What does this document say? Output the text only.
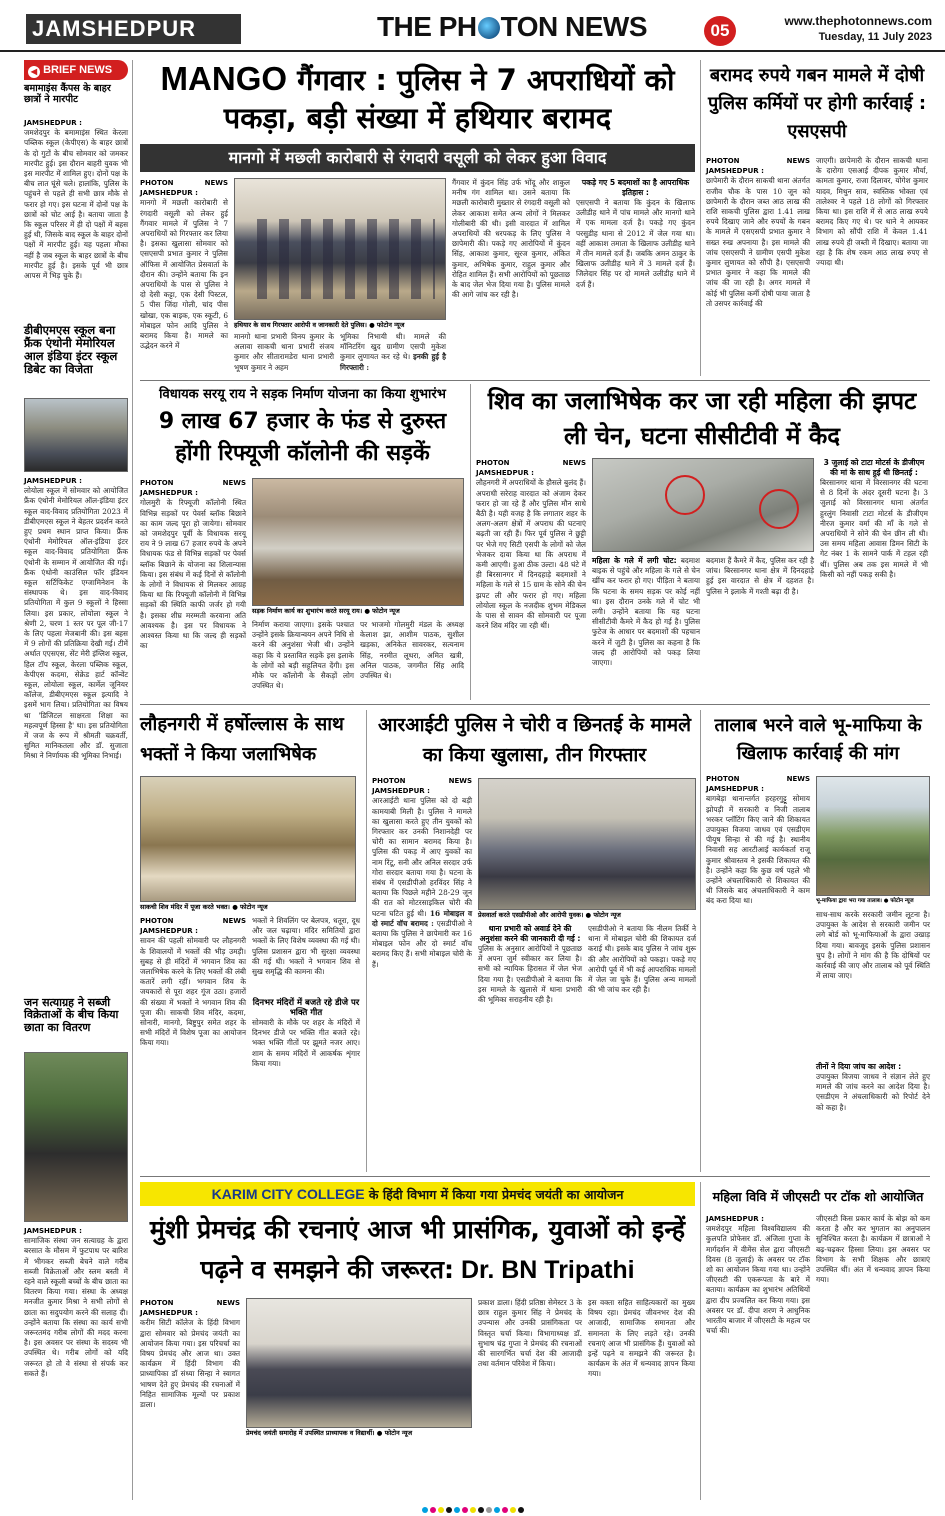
JAMSHEDPUR	THE PH TON NEWS	05	www.thephotonnews.com
Tuesday, 11 July 2023
◀ BRIEF NEWS
बमामाइंस कैंपस के बाहर छात्रों ने मारपीट
JAMSHEDPUR :
जमशेदपुर के बमामाइंस स्थित केरला पब्लिक स्कूल (केपीएस) के बाहर छात्रों के दो गुटों के बीच सोमवार को जमकर मारपीट हुई। इस दौरान बाहरी युवक भी इस मारपीट में शामिल हुए। दोनों पक्ष के बीच लात घूंसे चले। हालांकि, पुलिस के पहुंचने से पहले ही सभी छात्र मौके से फरार हो गए। इस घटना में दोनों पक्ष के छात्रों को चोट आई है। बताया जाता है कि स्कूल परिसर में ही दो पक्षों में बहस हुई थी, जिसके बाद स्कूल के बाहर दोनों पक्षों में मारपीट हुई। यह पहला मौका नहीं है जब स्कूल के बाहर छात्रों के बीच मारपीट हुई है। इसके पूर्व भी छात्र आपस में भिड़ चुके हैं।
डीबीएमएस स्कूल बना फ्रैंक एंथोनी मेमोरियल आल इंडिया इंटर स्कूल डिबेट का विजेता
JAMSHEDPUR :
लोयोला स्कूल में सोमवार को आयोजित फ्रैंक एंथोनी मेमोरियल ऑल-इंडिया इंटर स्कूल वाद-विवाद प्रतियोगिता 2023 में डीबीएमएस स्कूल ने बेहतर प्रदर्शन करते हुए प्रथम स्थान प्राप्त किया। फ्रैंक एंथोनी मेमोरियल ऑल-इंडिया इंटर स्कूल वाद-विवाद प्रतियोगिता फ्रैंक एंथोनी के सम्मान में आयोजित की गई। फ्रैंक एंथोनी काउंसिल फॉर इंडियन स्कूल सर्टिफिकेट एग्जामिनेशन के संस्थापक थे। इस वाद-विवाद प्रतियोगिता में कुल 9 स्कूलों ने हिस्सा लिया। इस प्रकार, लोयोला स्कूल ने श्रेणी 2, चरण 1 स्तर पर पूल जी-17 के लिए पहला मेजबानी की। इस बहस में 9 लोगों की प्रतिक्रिया देखी गई। टीमें अर्थात एएसएस, सेंट मेरी इंग्लिश स्कूल, हिल टॉप स्कूल, केरला पब्लिक स्कूल, केपीएस कदमा, सेक्रेड हार्ट कॉन्वेंट स्कूल, लोयोला स्कूल, कार्मेल जूनियर कॉलेज, डीबीएमएस स्कूल इत्यादि ने इसमें भाग लिया। प्रतियोगिता का विषय था 'डिजिटल साक्षरता शिक्षा का महत्वपूर्ण हिस्सा है' था। इस प्रतियोगिता में जज के रूप में श्रीमती चक्रवर्ती, सुमित मानिकतला और डॉ. सुजाता मिश्रा ने निर्णायक की भूमिका निभाई।
जन सत्याग्रह ने सब्जी विक्रेताओं के बीच किया छाता का वितरण
JAMSHEDPUR :
सामाजिक संस्था जन सत्याग्रह के द्वारा बरसात के मौसम में फुटपाथ पर बारिश में भीगकर सब्जी बेचने वाले गरीब सब्जी विक्रेताओं और स्लम बस्ती में रहने वाले स्कूली बच्चों के बीच छाता का वितरण किया गया। संस्था के अध्यक्ष मनजीत कुमार मिश्रा ने सभी लोगों से छाता का सदुपयोग करने की सलाह दी। उन्होंने बताया कि संस्था का कार्य सभी जरूरतमंद गरीब लोगों की मदद करना है। इस अवसर पर संस्था के सदस्य भी उपस्थित थे। गरीब लोगों को यदि जरूरत हो तो वे संस्था से संपर्क कर सकते हैं।
MANGO गैंगवार : पुलिस ने 7 अपराधियों को पकड़ा, बड़ी संख्या में हथियार बरामद
मानगो में मछली कारोबारी से रंगदारी वसूली को लेकर हुआ विवाद
PHOTON NEWS JAMSHEDPUR :
मानगो में मछली कारोबारी से रंगदारी वसूली को लेकर हुई गैंगवार मामले में पुलिस ने 7 अपराधियों को गिरफ्तार कर लिया है। इसका खुलासा सोमवार को एसएसपी प्रभात कुमार ने पुलिस ऑफिस में आयोजित प्रेसवार्ता के दौरान की। उन्होंने बताया कि इन अपराधियों के पास से पुलिस ने दो देसी कट्टा, एक देसी पिस्टल, 5 पीस जिंदा गोली, चांद पीस खोखा, एक बाइक, एक स्कूटी, 6 मोबाइल फोन आदि पुलिस ने बरामद किया है। मामले का उद्भेदन करने में
हथियार के साथ गिरफ्तार आरोपी व जानकारी देते पुलिस। ● फोटोन न्यूज
मानगो थाना प्रभारी विनय कुमार के अलावा साकची थाना प्रभारी संजय कुमार और सीतारामडेरा थाना प्रभारी भूषण कुमार ने अहम
भूमिका निभायी थी। मामले की मॉनिटरिंग खुद ग्रामीण एसपी मुकेश कुमार लुणायत कर रहे थे। इनकी हुई है गिरफ्तारी :
गैंगवार में कुंदन सिंह उर्फ भोंदू और शाकुल मनीष गंग शामिल था। उसने बताया कि मछली कारोबारी मुख्तार से रंगदारी वसूली को लेकर आकाश समेत अन्य लोगों ने मिलकर गोलीबारी की थी। इसी वारदात में शामिल अपराधियों की धरपकड़ के लिए पुलिस ने छापेमारी की। पकड़े गए आरोपियों में कुंदन सिंह, आकाश कुमार, सूरज कुमार, अंकित कुमार, अभिषेक कुमार, राहुल कुमार और रोहित शामिल हैं। सभी आरोपियों को पूछताछ के बाद जेल भेज दिया गया है। पुलिस मामले की आगे जांच कर रही है।
पकड़े गए 5 बदमाशों का है आपराधिक इतिहास :
एसएसपी ने बताया कि कुंदन के खिलाफ उलीडीह थाने में पांच मामले और मानगो थाने में एक मामला दर्ज है। पकड़े गए कुंदन परसुडीह थाना से 2012 में जेल गया था। वहीं आकाश तमाता के खिलाफ उलीडीह थाने में तीन मामले दर्ज हैं। जबकि अमन ठाकुर के खिलाफ उलीडीह थाने में 3 मामले दर्ज हैं। जिलेदार सिंह पर दो मामले उलीडीह थाने में दर्ज हैं।
बरामद रुपये गबन मामले में दोषी पुलिस कर्मियों पर होगी कार्रवाई : एसएसपी
PHOTON NEWS JAMSHEDPUR :
छापेमारी के दौरान साकची थाना अंतर्गत राजीव चौक के पास 10 जून को छापेमारी के दौरान जब्त आठ लाख की राशि साकची पुलिस द्वारा 1.41 लाख रुपये दिखाए जाने और रुपयों के गबन के मामले में एसएसपी प्रभात कुमार ने सख्त रुख अपनाया है। इस मामले की जांच एसएसपी ने ग्रामीण एसपी मुकेश कुमार लुणायत को सौंपी है। एसएसपी प्रभात कुमार ने कहा कि मामले की जांच की जा रही है। अगर मामले में कोई भी पुलिस कर्मी दोषी पाया जाता है तो उसपर कार्रवाई की
जाएगी। छापेमारी के दौरान साकची थाना के दारोगा एसआई दीपक कुमार मौर्या, कामता कुमार, राजा दिलावर, योगेश कुमार यादव, मिथुन साव, स्वस्तिक भोक्ता एवं तालेश्वर ने पहले 18 लोगों को गिरफ्तार किया था। इस राशि में से आठ लाख रुपये बरामद किए गए थे। पर थाने ने आयकर विभाग को सौंपी राशि में केवल 1.41 लाख रुपये ही जब्ती में दिखाए। बताया जा रहा है कि शेष रकम आठ लाख रुपए से ज्यादा थी।
विधायक सरयू राय ने सड़क निर्माण योजना का किया शुभारंभ
9 लाख 67 हजार के फंड से दुरुस्त होंगी रिफ्यूजी कॉलोनी की सड़कें
PHOTON NEWS JAMSHEDPUR :
गोलमुरी के रिफ्यूजी कॉलोनी स्थित विभिन्न सड़कों पर पेवर्स ब्लॉक बिछाने का काम जल्द पूरा हो जायेगा। सोमवार को जमशेदपुर पूर्वी के विधायक सरयू राय ने 9 लाख 67 हजार रुपये के अपने विधायक फंड से विभिन्न सड़कों पर पेवर्स ब्लॉक बिछाने के योजना का शिलान्यास किया। इस संबंध में कई दिनों से कॉलोनी के लोगों ने विधायक से मिलकर आग्रह किया था कि रिफ्यूजी कॉलोनी में विभिन्न सड़कों की स्थिति काफी जर्जर हो गयी है। इसका शीघ्र मरम्मती करवाना अति आवश्यक है। इस पर विधायक ने आश्वस्त किया था कि जल्द ही सड़कों का
सड़क निर्माण कार्य का शुभारंभ करते सरयू राय। ● फोटोन न्यूज
निर्माण कराया जाएगा। इसके पश्चात उन्होंने इसके क्रियान्वयन अपने निधि से करने की अनुशंसा भेजी थी। उन्होंने कहा कि ये प्रस्तावित सड़कें इस इलाके के लोगों को बड़ी सहूलियत देंगी। इस मौके पर कॉलोनी के सैकड़ों लोग उपस्थित थे।
पर भाजमो गोलमुरी मंडल के अध्यक्ष केलाश झा, आशीम पाठक, सुशील खड़का, अनिकेत सावरकर, सत्यनाम सिंह, नरमीत लूथरा, अमित खत्री, अनिल पाठक, जगमीत सिंह आदि उपस्थित थे।
शिव का जलाभिषेक कर जा रही महिला की झपट ली चेन, घटना सीसीटीवी में कैद
PHOTON NEWS JAMSHEDPUR :
लौहनगरी में अपराधियों के हौसले बुलंद हैं। अपराधी सरेराह वारदात को अंजाम देकर फरार हो जा रहे हैं और पुलिस मौन साधे बैठी है। यही वजह है कि लगातार शहर के अलग-अलग क्षेत्रों में अपराध की घटनाएं बढ़ती जा रही हैं। फिर पूर्व पुलिस ने छुट्टी पर भेजे गए सिटी एसपी के लोगों को जेल भेजकर दावा किया था कि अपराध में कमी आएगी। हुआ ठीक उल्टा। 48 घंटे में ही बिरसानगर में दिनदहाड़े बदमाशों ने महिला के गले से 15 ग्राम के सोने की चेन झपट ली और फरार हो गए। महिला लोयोला स्कूल के नजदीक शुभम मेडिकल के पास से सावन की सोमवारी पर पूजा करने शिव मंदिर जा रही थीं।
महिला के गले में लगी चोट: बदमाश बाइक से पहुंचे और महिला के गले से चेन खींच कर फरार हो गए। पीड़िता ने बताया कि घटना के समय सड़क पर कोई नहीं था। इस दौरान उनके गले में चोट भी लगी। उन्होंने बताया कि यह घटना सीसीटीवी कैमरे में कैद हो गई है। पुलिस फुटेज के आधार पर बदमाशों की पहचान करने में जुटी है। पुलिस का कहना है कि जल्द ही आरोपियों को पकड़ लिया जाएगा।
बदमाश हैं कैमरे में कैद, पुलिस कर रही है जांच। बिरसानगर थाना क्षेत्र में दिनदहाड़े हुई इस वारदात से क्षेत्र में दहशत है। पुलिस ने इलाके में गश्ती बढ़ा दी है।
3 जुलाई को टाटा मोटर्स के डीजीएम की मां के साथ हुई थी छिनतई :
बिरसानगर थाना में विरसानगर की घटना से 8 दिनों के अंदर दूसरी घटना है। 3 जुलाई को विरसानगर थाना अंतर्गत हुरलुंग निवासी टाटा मोटर्स के डीजीएम नीरज कुमार वर्मा की माँ के गले से अपराधियों ने सोने की चेन छीन ली थी। उस समय महिला आवास डिमन सिटी के गेट नंबर 1 के सामने पार्क में टहल रही थीं। पुलिस अब तक इस मामले में भी किसी को नहीं पकड़ सकी है।
लौहनगरी में हर्षोल्लास के साथ भक्तों ने किया जलाभिषेक
साकची शिव मंदिर में पूजा करते भक्त। ● फोटोन न्यूज
PHOTON NEWS JAMSHEDPUR :
सावन की पहली सोमवारी पर लौहनगरी के शिवालयों में भक्तों की भीड़ उमड़ी। सुबह से ही मंदिरों में भगवान शिव का जलाभिषेक करने के लिए भक्तों की लंबी कतारें लगी रहीं। भगवान शिव के जयकारों से पूरा शहर गूंज उठा। हजारों की संख्या में भक्तों ने भगवान शिव की पूजा की। साकची शिव मंदिर, कदमा, सोनारी, मानगो, बिष्टुपुर समेत शहर के सभी मंदिरों में विशेष पूजा का आयोजन किया गया।
भक्तों ने शिवलिंग पर बेलपत्र, धतूरा, दूध और जल चढ़ाया। मंदिर समितियों द्वारा भक्तों के लिए विशेष व्यवस्था की गई थी। पुलिस प्रशासन द्वारा भी सुरक्षा व्यवस्था की गई थी। भक्तों ने भगवान शिव से सुख समृद्धि की कामना की।
दिनभर मंदिरों में बजते रहे डीजे पर भक्ति गीत
सोमवारी के मौके पर शहर के मंदिरों में दिनभर डीजे पर भक्ति गीत बजते रहे। भक्त भक्ति गीतों पर झूमते नजर आए। शाम के समय मंदिरों में आकर्षक शृंगार किया गया।
आरआईटी पुलिस ने चोरी व छिनतई के मामले का किया खुलासा, तीन गिरफ्तार
PHOTON NEWS JAMSHEDPUR :
आरआईटी थाना पुलिस को दो बड़ी कामयाबी मिली है। पुलिस ने मामले का खुलासा करते हुए तीन युवकों को गिरफ्तार कर उनकी निशानदेही पर चोरी का सामान बरामद किया है। पुलिस की पकड़ में आए युवकों का नाम रिंटू, सनी और अनिल सरदार उर्फ गोरा सरदार बताया गया है। घटना के संबंध में एसडीपीओ हरविंदर सिंह ने बताया कि पिछले महीने 28-29 जून की रात को मोटरसाइकिल चोरी की घटना घटित हुई थी। 16 मोबाइल व दो स्मार्ट वॉच बरामद : एसडीपीओ ने बताया कि पुलिस ने छापेमारी कर 16 मोबाइल फोन और दो स्मार्ट वॉच बरामद किए हैं। सभी मोबाइल चोरी के हैं।
प्रेसवार्ता करते एसडीपीओ और आरोपी युवक। ● फोटोन न्यूज
थाना प्रभारी को अवार्ड देने की अनुशंसा करने की जानकारी दी गई :
पुलिस के अनुसार आरोपियों ने पूछताछ में अपना जुर्म स्वीकार कर लिया है। सभी को न्यायिक हिरासत में जेल भेज दिया गया है। एसडीपीओ ने बताया कि इस मामले के खुलासे में थाना प्रभारी की भूमिका सराहनीय रही है।
एसडीपीओ ने बताया कि नीलम तिर्की ने थाना में मोबाइल चोरी की शिकायत दर्ज कराई थी। इसके बाद पुलिस ने जांच शुरू की और आरोपियों को पकड़ा। पकड़े गए आरोपी पूर्व में भी कई आपराधिक मामलों में जेल जा चुके हैं। पुलिस अन्य मामलों की भी जांच कर रही है।
तालाब भरने वाले भू-माफिया के खिलाफ कार्रवाई की मांग
PHOTON NEWS JAMSHEDPUR :
बागबेड़ा थानान्तर्गत हरहरगुट्टू सोमाय झोपड़ी में सरकारी व निजी तालाब भरकर प्लॉटिंग किए जाने की शिकायत उपायुक्त विजया जाधव एवं एसडीएम पीयूष सिन्हा से की गई है। स्थानीय निवासी सह आरटीआई कार्यकर्ता राजू कुमार श्रीवास्तव ने इसकी शिकायत की है। उन्होंने कहा कि कुछ वर्ष पहले भी उन्होंने अंचलाधिकारी से शिकायत की थी जिसके बाद अंचलाधिकारी ने काम बंद करा दिया था।	भू-माफिया द्वारा भरा गया तालाब। ● फोटोन न्यूज
साथ-साथ करके सरकारी जमीन लूटना है। उपायुक्त के आदेश से सरकारी जमीन पर लगे बोर्ड को भू-माफियाओं के द्वारा उखाड़ दिया गया। बावजूद इसके पुलिस प्रशासन चुप है। लोगों ने मांग की है कि दोषियों पर कार्रवाई की जाए और तालाब को पूर्व स्थिति में लाया जाए।
तीनों ने दिया जांच का आदेश :
उपायुक्त विजया जाधव ने संज्ञान लेते हुए मामले की जांच करने का आदेश दिया है। एसडीएम ने अंचलाधिकारी को रिपोर्ट देने को कहा है।
KARIM CITY COLLEGE के हिंदी विभाग में किया गया प्रेमचंद जयंती का आयोजन
मुंशी प्रेमचंद्र की रचनाएं आज भी प्रासंगिक, युवाओं को इन्हें पढ़ने व समझने की जरूरत: Dr. BN Tripathi
PHOTON NEWS JAMSHEDPUR :
करीम सिटी कॉलेज के हिंदी विभाग द्वारा सोमवार को प्रेमचंद जयंती का आयोजन किया गया। इस परिचर्चा का विषय प्रेमचंद और आज था। उक्त कार्यक्रम में हिंदी विभाग की प्राध्यापिका डॉ संध्या सिन्हा ने स्वागत भाषण देते हुए प्रेमचंद की रचनाओं में निहित सामाजिक मूल्यों पर प्रकाश डाला।
प्रेमचंद जयंती समारोह में उपस्थित प्राध्यापक व विद्यार्थी। ● फोटोन न्यूज
प्रकाश डाला। हिंदी प्रतिष्ठा सेमेस्टर 3 के छात्र राहुल कुमार सिंह ने प्रेमचंद के उपन्यास और उनकी प्रासंगिकता पर विस्तृत चर्चा किया। विभागाध्यक्ष डॉ. सुभाष चंद्र गुप्ता ने प्रेमचंद की रचनाओं की सारगर्भित चर्चा देश की आजादी तथा वर्तमान परिवेश में किया।
इस वक्ता सहित साहित्यकारों का मुख्य विषय रहा। प्रेमचंद जीवनभर देश की आजादी, सामाजिक समानता और समानता के लिए लड़ते रहे। उनकी रचनाएं आज भी प्रासंगिक हैं। युवाओं को इन्हें पढ़ने व समझने की जरूरत है। कार्यक्रम के अंत में धन्यवाद ज्ञापन किया गया।
महिला विवि में जीएसटी पर टॉक शो आयोजित
JAMSHEDPUR :
जमशेदपुर महिला विश्वविद्यालय की कुलपति प्रोफेसर डॉ. अंजिला गुप्ता के मार्गदर्शन में वीमेंस सेल द्वारा जीएसटी दिवस (8 जुलाई) के अवसर पर टॉक शो का आयोजन किया गया था। उन्होंने जीएसटी की एकरूपता के बारे में बताया। कार्यक्रम का शुभारंभ अतिथियों द्वारा दीप प्रज्वलित कर किया गया। इस अवसर पर डॉ. दीपा शरण ने आधुनिक भारतीय बाजार में जीएसटी के महत्व पर चर्चा की।
जीएसटी किस प्रकार कार्य के बोझ को कम करता है और कर भुगतान का अनुपालन सुनिश्चित करता है। कार्यक्रम में छात्राओं ने बढ़-चढ़कर हिस्सा लिया। इस अवसर पर विभाग के सभी शिक्षक और छात्राएं उपस्थित थीं। अंत में धन्यवाद ज्ञापन किया गया।
